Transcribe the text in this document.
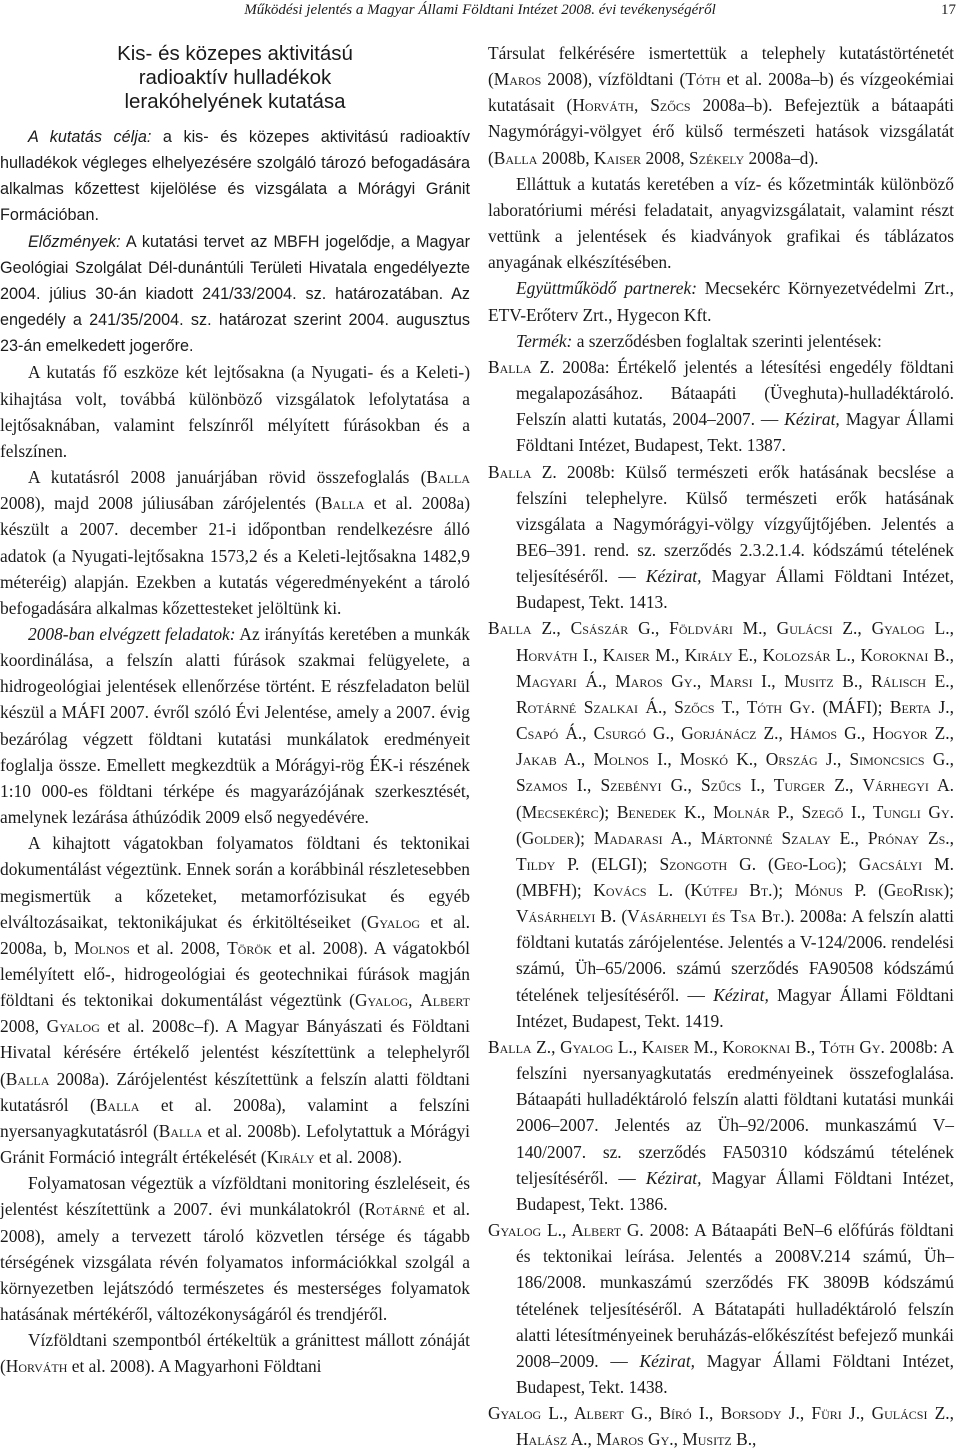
Működési jelentés a Magyar Állami Földtani Intézet 2008. évi tevékenységéről	17
Kis- és közepes aktivitású
radioaktív hulladékok
lerakóhelyének kutatása

A kutatás célja: a kis- és közepes aktivitású radioaktív hulladékok végleges elhelyezésére szolgáló tározó befogadására alkalmas kőzettest kijelölése és vizsgálata a Mórágyi Gránit Formációban.

Előzmények: A kutatási tervet az MBFH jogelődje, a Magyar Geológiai Szolgálat Dél-dunántúli Területi Hivatala engedélyezte 2004. július 30-án kiadott 241/33/2004. sz. határozatában. Az engedély a 241/35/2004. sz. határozat szerint 2004. augusztus 23-án emelkedett jogerőre.

A kutatás fő eszköze két lejtősakna (a Nyugati- és a Keleti-) kihajtása volt, továbbá különböző vizsgálatok lefolytatása a lejtősaknában, valamint felszínről mélyített fúrásokban és a felszínen.

A kutatásról 2008 januárjában rövid összefoglalás (Balla 2008), majd 2008 júliusában zárójelentés (Balla et al. 2008a) készült a 2007. december 21-i időpontban rendelkezésre álló adatok (a Nyugati-lejtősakna 1573,2 és a Keleti-lejtősakna 1482,9 méteréig) alapján. Ezekben a kutatás végeredményeként a tároló befogadására alkalmas kőzettesteket jelöltünk ki.

2008-ban elvégzett feladatok: Az irányítás keretében a munkák koordinálása, a felszín alatti fúrások szakmai felügyelete, a hidrogeológiai jelentések ellenőrzése történt. E részfeladaton belül készül a MÁFI 2007. évről szóló Évi Jelentése, amely a 2007. évig bezárólag végzett földtani kutatási munkálatok eredményeit foglalja össze. Emellett megkezdtük a Mórágyi-rög ÉK-i részének 1:10 000-es földtani térképe és magyarázójának szerkesztését, amelynek lezárása áthúzódik 2009 első negyedévére.

A kihajtott vágatokban folyamatos földtani és tektonikai dokumentálást végeztünk. Ennek során a korábbinál részletesebben megismertük a kőzeteket, metamorfózisukat és egyéb elváltozásaikat, tektonikájukat és érkitöltéseiket (Gyalog et al. 2008a, b, Molnos et al. 2008, Török et al. 2008). A vágatokból lemélyített elő-, hidrogeológiai és geotechnikai fúrások magján földtani és tektonikai dokumentálást végeztünk (Gyalog, Albert 2008, Gyalog et al. 2008c–f). A Magyar Bányászati és Földtani Hivatal kérésére értékelő jelentést készítettünk a telephelyről (Balla 2008a). Zárójelentést készítettünk a felszín alatti földtani kutatásról (Balla et al. 2008a), valamint a felszíni nyersanyagkutatásról (Balla et al. 2008b). Lefolytattuk a Mórágyi Gránit Formáció integrált értékelését (Király et al. 2008).

Folyamatosan végeztük a vízföldtani monitoring észleléseit, és jelentést készítettünk a 2007. évi munkálatokról (Rotárné et al. 2008), amely a tervezett tároló közvetlen térsége és tágabb térségének vizsgálata révén folyamatos információkkal szolgál a környezetben lejátszódó természetes és mesterséges folyamatok hatásának mértékéről, változékonyságáról és trendjéről.

Vízföldtani szempontból értékeltük a gránittest mállott zónáját (Horváth et al. 2008). A Magyarhoni Földtani

Társulat felkérésére ismertettük a telephely kutatástörténetét (Maros 2008), vízföldtani (Tóth et al. 2008a–b) és vízgeokémiai kutatásait (Horváth, Szőcs 2008a–b). Befejeztük a bátaapáti Nagymórágyi-völgyet érő külső természeti hatások vizsgálatát (Balla 2008b, Kaiser 2008, Székely 2008a–d).

Elláttuk a kutatás keretében a víz- és kőzetminták különböző laboratóriumi mérési feladatait, anyagvizsgálatait, valamint részt vettünk a jelentések és kiadványok grafikai és táblázatos anyagának elkészítésében.

Együttműködő partnerek: Mecsekérc Környezetvédelmi Zrt., ETV-Erőterv Zrt., Hygecon Kft.

Termék: a szerződésben foglaltak szerinti jelentések:

Balla Z. 2008a: Értékelő jelentés a létesítési engedély földtani megalapozásához. Bátaapáti (Üveghuta)-hulladéktároló. Felszín alatti kutatás, 2004–2007. — Kézirat, Magyar Állami Földtani Intézet, Budapest, Tekt. 1387.

Balla Z. 2008b: Külső természeti erők hatásának becslése a felszíni telephelyre. Külső természeti erők hatásának vizsgálata a Nagymórágyi-völgy vízgyűjtőjében. Jelentés a BE6–391. rend. sz. szerződés 2.3.2.1.4. kódszámú tételének teljesítéséről. — Kézirat, Magyar Állami Földtani Intézet, Budapest, Tekt. 1413.

Balla Z., Császár G., Földvári M., Gulácsi Z., Gyalog L., Horváth I., Kaiser M., Király E., Kolozsár L., Koroknai B., Magyari Á., Maros Gy., Marsi I., Musitz B., Rálisch E., Rotárné Szalkai Á., Szőcs T., Tóth Gy. (MÁFI); Berta J., Csapó Á., Csurgó G., Gorjánácz Z., Hámos G., Hogyor Z., Jakab A., Molnos I., Moskó K., Ország J., Simoncsics G., Szamos I., Szebényi G., Szűcs I., Turger Z., Várhegyi A. (Mecsekérc); Benedek K., Molnár P., Szegő I., Tungli Gy. (Golder); Madarasi A., Mártonné Szalay E., Prónay Zs., Tildy P. (ELGI); Szongoth G. (Geo-Log); Gacsályi M. (MBFH); Kovács L. (Kútfej Bt.); Mónus P. (GeoRisk); Vásárhelyi B. (Vásárhelyi és Tsa Bt.). 2008a: A felszín alatti földtani kutatás zárójelentése. Jelentés a V-124/2006. rendelési számú, Üh–65/2006. számú szerződés FA90508 kódszámú tételének teljesítéséről. — Kézirat, Magyar Állami Földtani Intézet, Budapest, Tekt. 1419.

Balla Z., Gyalog L., Kaiser M., Koroknai B., Tóth Gy. 2008b: A felszíni nyersanyagkutatás eredményeinek összefoglalása. Bátaapáti hulladéktároló felszín alatti földtani kutatási munkái 2006–2007. Jelentés az Üh–92/2006. munkaszámú V–140/2007. sz. szerződés FA50310 kódszámú tételének teljesítéséről. — Kézirat, Magyar Állami Földtani Intézet, Budapest, Tekt. 1386.

Gyalog L., Albert G. 2008: A Bátaapáti BeN–6 előfúrás földtani és tektonikai leírása. Jelentés a 2008V.214 számú, Üh–186/2008. munkaszámú szerződés FK 3809B kódszámú tételének teljesítéséről. A Bátatapáti hulladéktároló felszín alatti létesítményeinek beruházás-előkészítést befejező munkái 2008–2009. — Kézirat, Magyar Állami Földtani Intézet, Budapest, Tekt. 1438.

Gyalog L., Albert G., Bíró I., Borsody J., Füri J., Gulácsi Z., Halász A., Maros Gy., Musitz B.,
